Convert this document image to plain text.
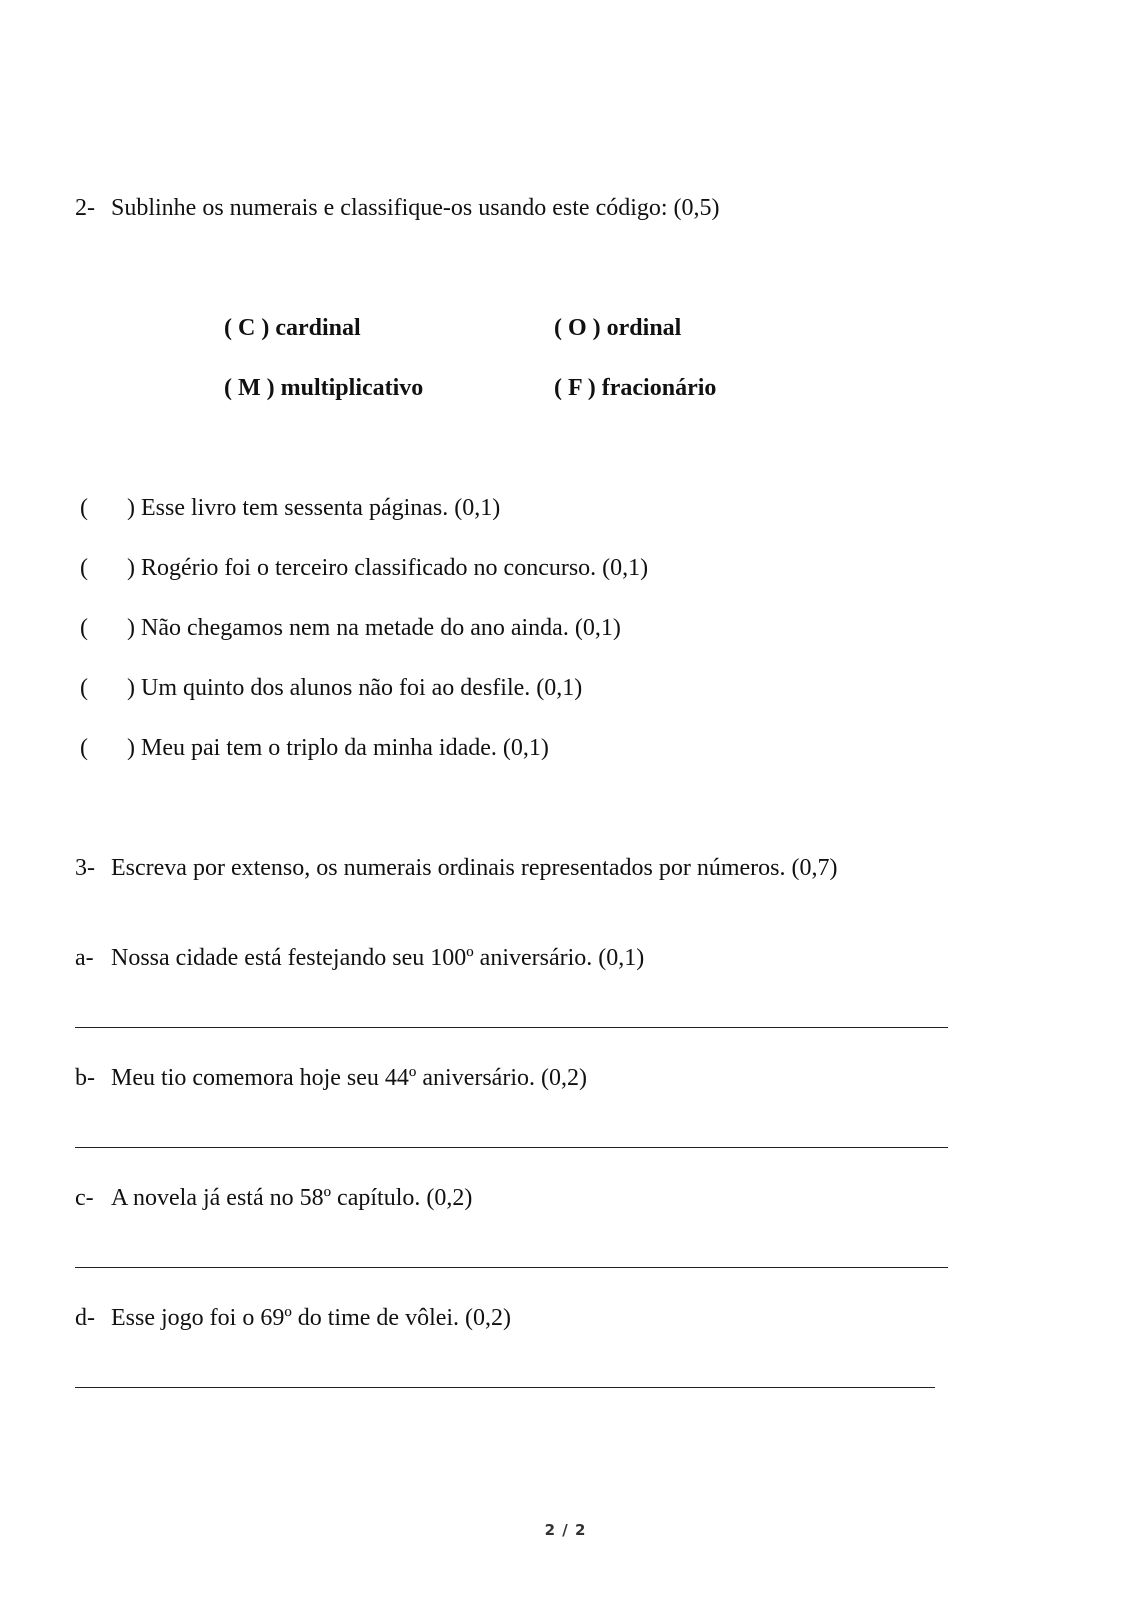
2- Sublinhe os numerais e classifique-os usando este código: (0,5)
( C ) cardinal	( O ) ordinal
( M ) multiplicativo	( F ) fracionário
( ) Esse livro tem sessenta páginas. (0,1)
( ) Rogério foi o terceiro classificado no concurso. (0,1)
( ) Não chegamos nem na metade do ano ainda. (0,1)
( ) Um quinto dos alunos não foi ao desfile. (0,1)
( ) Meu pai tem o triplo da minha idade. (0,1)
3- Escreva por extenso, os numerais ordinais representados por números. (0,7)
a- Nossa cidade está festejando seu 100º aniversário. (0,1)
b- Meu tio comemora hoje seu 44º aniversário. (0,2)
c- A novela já está no 58º capítulo. (0,2)
d- Esse jogo foi o 69º do time de vôlei. (0,2)
2 / 2
